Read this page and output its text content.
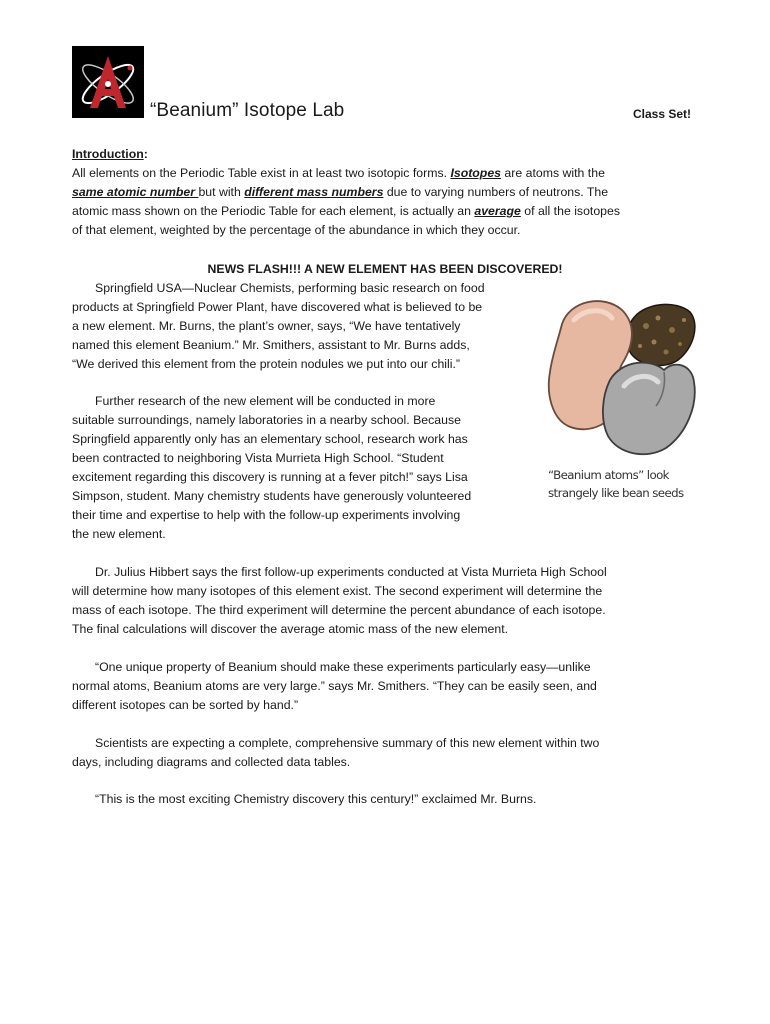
“Beanium” Isotope Lab	Class Set!
Introduction:
All elements on the Periodic Table exist in at least two isotopic forms. Isotopes are atoms with the
same atomic number but with different mass numbers due to varying numbers of neutrons. The
atomic mass shown on the Periodic Table for each element, is actually an average of all the isotopes
of that element, weighted by the percentage of the abundance in which they occur.
NEWS FLASH!!! A NEW ELEMENT HAS BEEN DISCOVERED!
Springfield USA—Nuclear Chemists, performing basic research on food
products at Springfield Power Plant, have discovered what is believed to be
a new element. Mr. Burns, the plant’s owner, says, “We have tentatively
named this element Beanium.” Mr. Smithers, assistant to Mr. Burns adds,
“We derived this element from the protein nodules we put into our chili.”
Further research of the new element will be conducted in more
suitable surroundings, namely laboratories in a nearby school. Because
Springfield apparently only has an elementary school, research work has
been contracted to neighboring Vista Murrieta High School. “Student
excitement regarding this discovery is running at a fever pitch!” says Lisa
Simpson, student. Many chemistry students have generously volunteered
their time and expertise to help with the follow-up experiments involving
the new element.
“Beanium atoms” look
strangely like bean seeds
Dr. Julius Hibbert says the first follow-up experiments conducted at Vista Murrieta High School
will determine how many isotopes of this element exist. The second experiment will determine the
mass of each isotope. The third experiment will determine the percent abundance of each isotope.
The final calculations will discover the average atomic mass of the new element.
“One unique property of Beanium should make these experiments particularly easy—unlike
normal atoms, Beanium atoms are very large.” says Mr. Smithers. “They can be easily seen, and
different isotopes can be sorted by hand.”
Scientists are expecting a complete, comprehensive summary of this new element within two
days, including diagrams and collected data tables.
“This is the most exciting Chemistry discovery this century!” exclaimed Mr. Burns.
